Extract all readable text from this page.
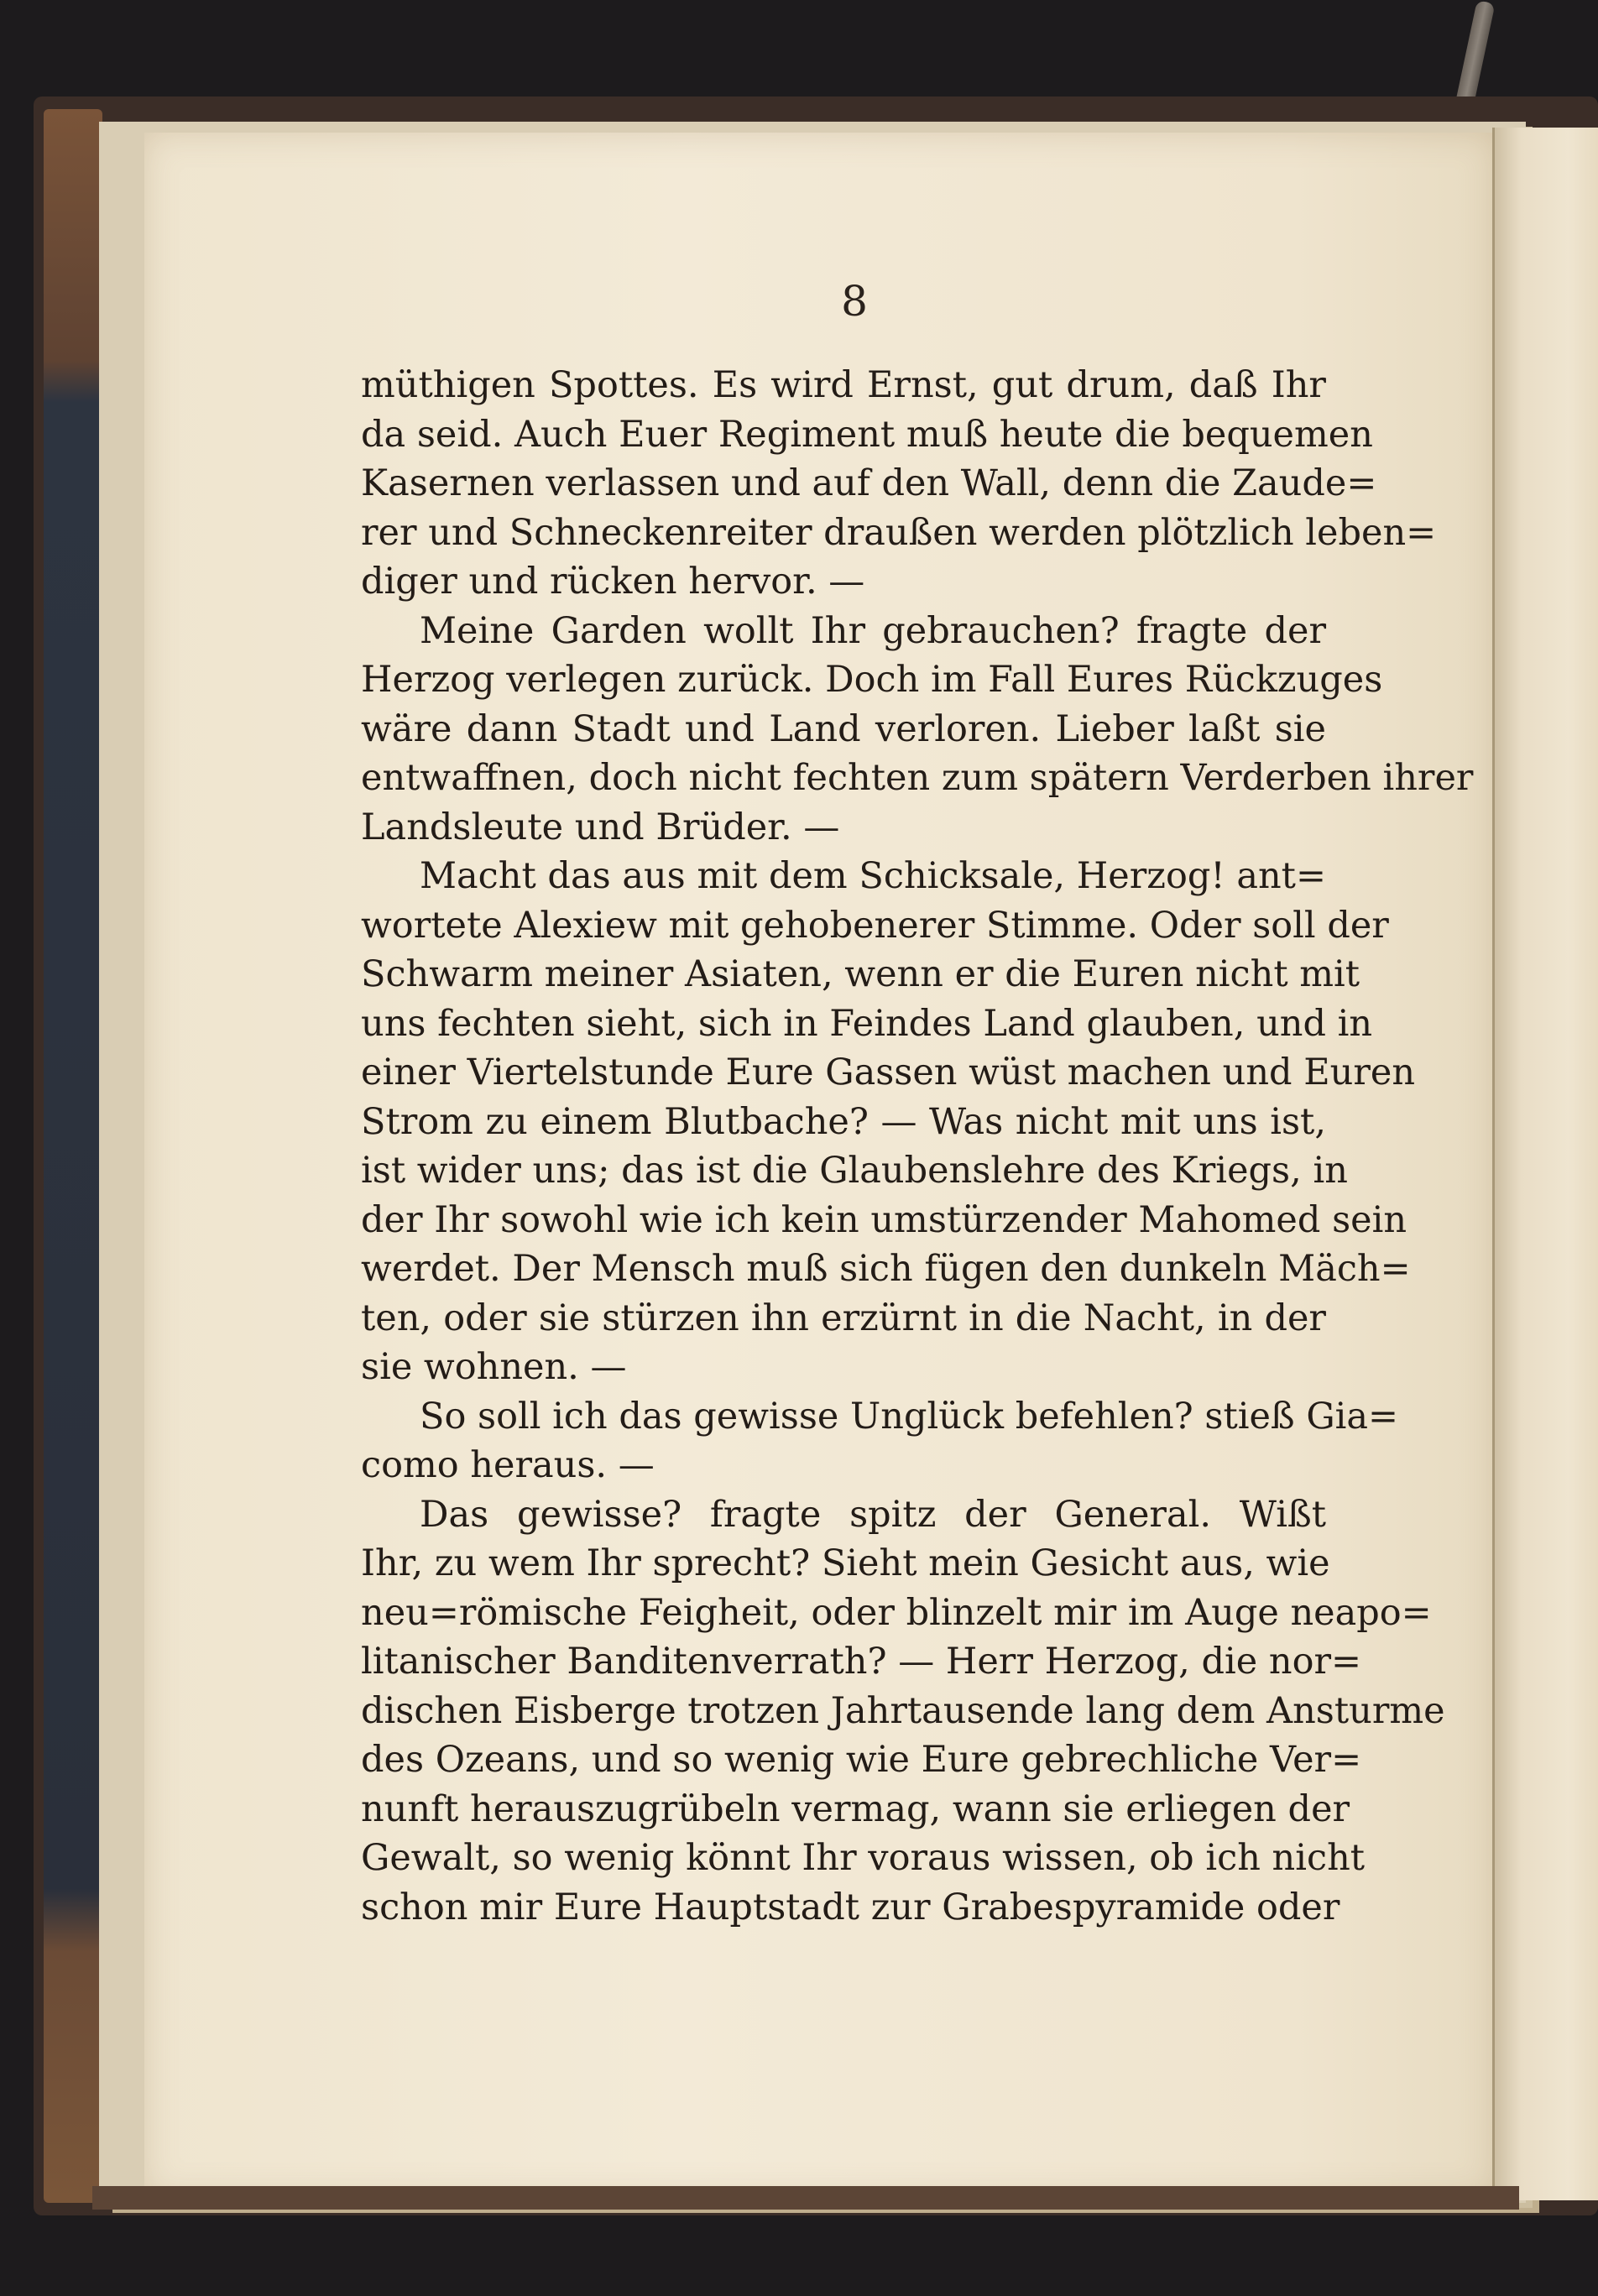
8
müthigen Spottes. Es wird Ernst, gut drum, daß Ihr
da seid. Auch Euer Regiment muß heute die bequemen
Kasernen verlassen und auf den Wall, denn die Zaude=
rer und Schneckenreiter draußen werden plötzlich leben=
diger und rücken hervor. —
Meine Garden wollt Ihr gebrauchen? fragte der
Herzog verlegen zurück. Doch im Fall Eures Rückzuges
wäre dann Stadt und Land verloren. Lieber laßt sie
entwaffnen, doch nicht fechten zum spätern Verderben ihrer
Landsleute und Brüder. —
Macht das aus mit dem Schicksale, Herzog! ant=
wortete Alexiew mit gehobenerer Stimme. Oder soll der
Schwarm meiner Asiaten, wenn er die Euren nicht mit
uns fechten sieht, sich in Feindes Land glauben, und in
einer Viertelstunde Eure Gassen wüst machen und Euren
Strom zu einem Blutbache? — Was nicht mit uns ist,
ist wider uns; das ist die Glaubenslehre des Kriegs, in
der Ihr sowohl wie ich kein umstürzender Mahomed sein
werdet. Der Mensch muß sich fügen den dunkeln Mäch=
ten, oder sie stürzen ihn erzürnt in die Nacht, in der
sie wohnen. —
So soll ich das gewisse Unglück befehlen? stieß Gia=
como heraus. —
Das gewisse? fragte spitz der General. Wißt
Ihr, zu wem Ihr sprecht? Sieht mein Gesicht aus, wie
neu=römische Feigheit, oder blinzelt mir im Auge neapo=
litanischer Banditenverrath? — Herr Herzog, die nor=
dischen Eisberge trotzen Jahrtausende lang dem Ansturme
des Ozeans, und so wenig wie Eure gebrechliche Ver=
nunft herauszugrübeln vermag, wann sie erliegen der
Gewalt, so wenig könnt Ihr voraus wissen, ob ich nicht
schon mir Eure Hauptstadt zur Grabespyramide oder
